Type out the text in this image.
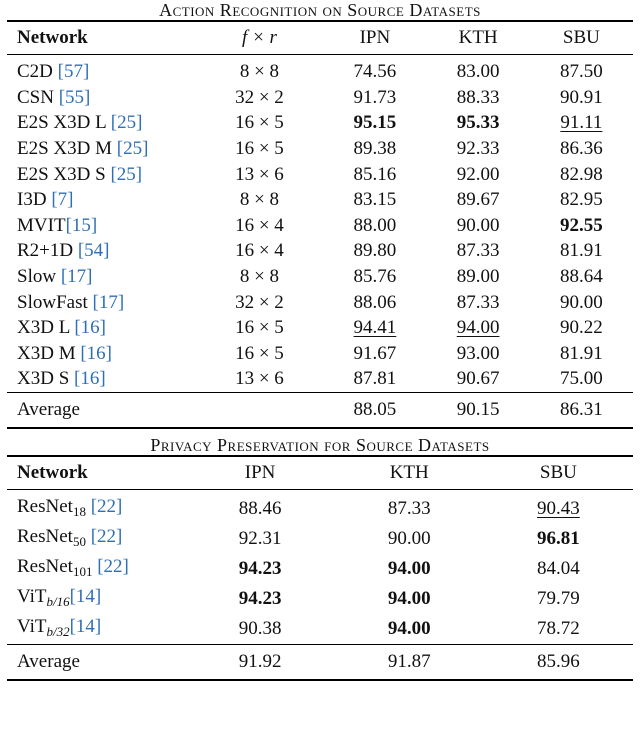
Action Recognition on Source Datasets
Network	f × r	IPN	KTH	SBU

C2D [57]	8 × 8	74.56	83.00	87.50
CSN [55]	32 × 2	91.73	88.33	90.91
E2S X3D L [25]	16 × 5	95.15	95.33	91.11
E2S X3D M [25]	16 × 5	89.38	92.33	86.36
E2S X3D S [25]	13 × 6	85.16	92.00	82.98
I3D [7]	8 × 8	83.15	89.67	82.95
MVIT[15]	16 × 4	88.00	90.00	92.55
R2+1D [54]	16 × 4	89.80	87.33	81.91
Slow [17]	8 × 8	85.76	89.00	88.64
SlowFast [17]	32 × 2	88.06	87.33	90.00
X3D L [16]	16 × 5	94.41	94.00	90.22
X3D M [16]	16 × 5	91.67	93.00	81.91
X3D S [16]	13 × 6	87.81	90.67	75.00
Average		88.05	90.15	86.31
Privacy Preservation for Source Datasets
Network	IPN	KTH	SBU

ResNet$_{18}$ [22]	88.46	87.33	90.43
ResNet$_{50}$ [22]	92.31	90.00	96.81
ResNet$_{101}$ [22]	94.23	94.00	84.04
ViT$_{b/16}$[14]	94.23	94.00	79.79
ViT$_{b/32}$[14]	90.38	94.00	78.72
Average	91.92	91.87	85.96
